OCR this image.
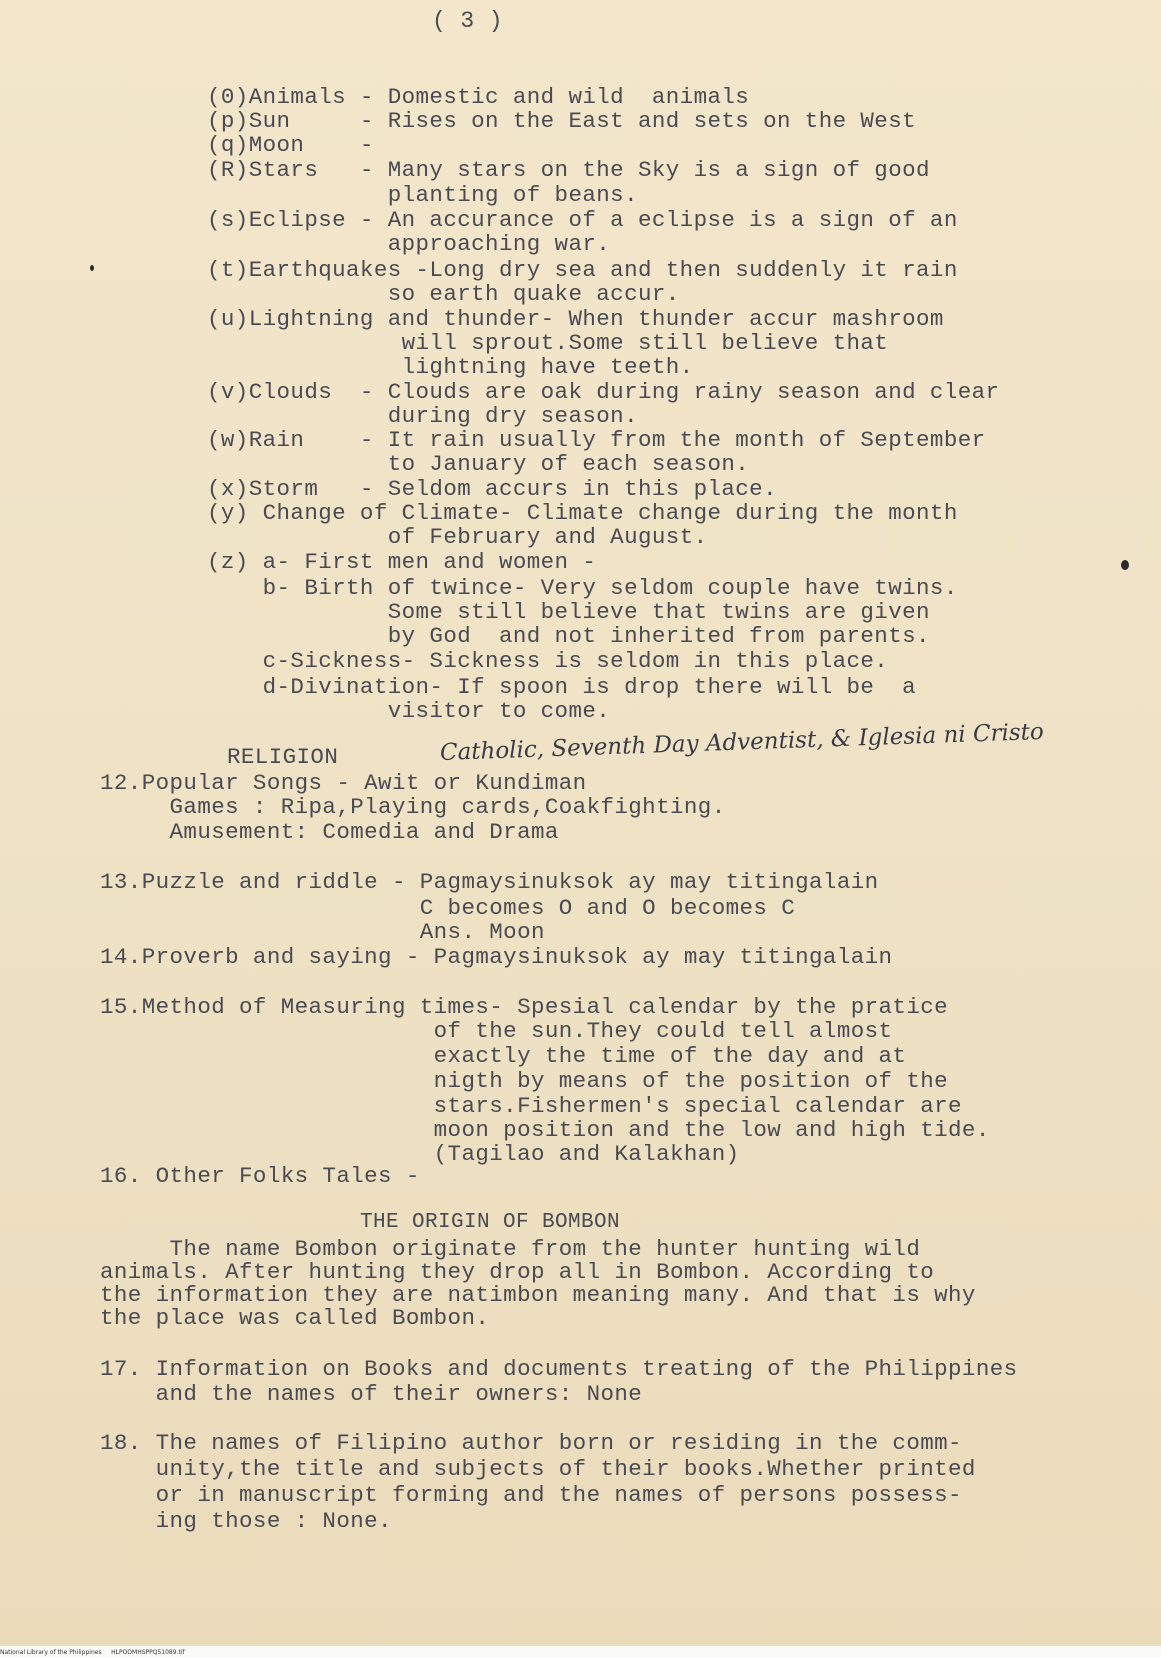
( 3 )
(0)Animals - Domestic and wild  animals
(p)Sun     - Rises on the East and sets on the West
(q)Moon    -
(R)Stars   - Many stars on the Sky is a sign of good
planting of beans.
(s)Eclipse - An accurance of a eclipse is a sign of an
approaching war.
(t)Earthquakes -Long dry sea and then suddenly it rain
so earth quake accur.
(u)Lightning and thunder- When thunder accur mashroom
will sprout.Some still believe that
lightning have teeth.
(v)Clouds  - Clouds are oak during rainy season and clear
during dry season.
(w)Rain    - It rain usually from the month of September
to January of each season.
(x)Storm   - Seldom accurs in this place.
(y) Change of Climate- Climate change during the month
of February and August.
(z) a- First men and women -
b- Birth of twince- Very seldom couple have twins.
Some still believe that twins are given
by God  and not inherited from parents.
c-Sickness- Sickness is seldom in this place.
d-Divination- If spoon is drop there will be  a
visitor to come.
RELIGION	Catholic, Seventh Day Adventist, & Iglesia ni Cristo
12.Popular Songs - Awit or Kundiman
Games : Ripa,Playing cards,Coakfighting.
Amusement: Comedia and Drama
13.Puzzle and riddle - Pagmaysinuksok ay may titingalain
C becomes O and O becomes C
Ans. Moon
14.Proverb and saying - Pagmaysinuksok ay may titingalain
15.Method of Measuring times- Spesial calendar by the pratice
of the sun.They could tell almost
exactly the time of the day and at
nigth by means of the position of the
stars.Fishermen's special calendar are
moon position and the low and high tide.
(Tagilao and Kalakhan)
16. Other Folks Tales -
THE ORIGIN OF BOMBON
The name Bombon originate from the hunter hunting wild
animals. After hunting they drop all in Bombon. According to
the information they are natimbon meaning many. And that is why
the place was called Bombon.
17. Information on Books and documents treating of the Philippines
and the names of their owners: None
18. The names of Filipino author born or residing in the comm-
unity,the title and subjects of their books.Whether printed
or in manuscript forming and the names of persons possess-
ing those : None.
National Library of the Philippines     HLPOOMHSPPQ51089.tif
